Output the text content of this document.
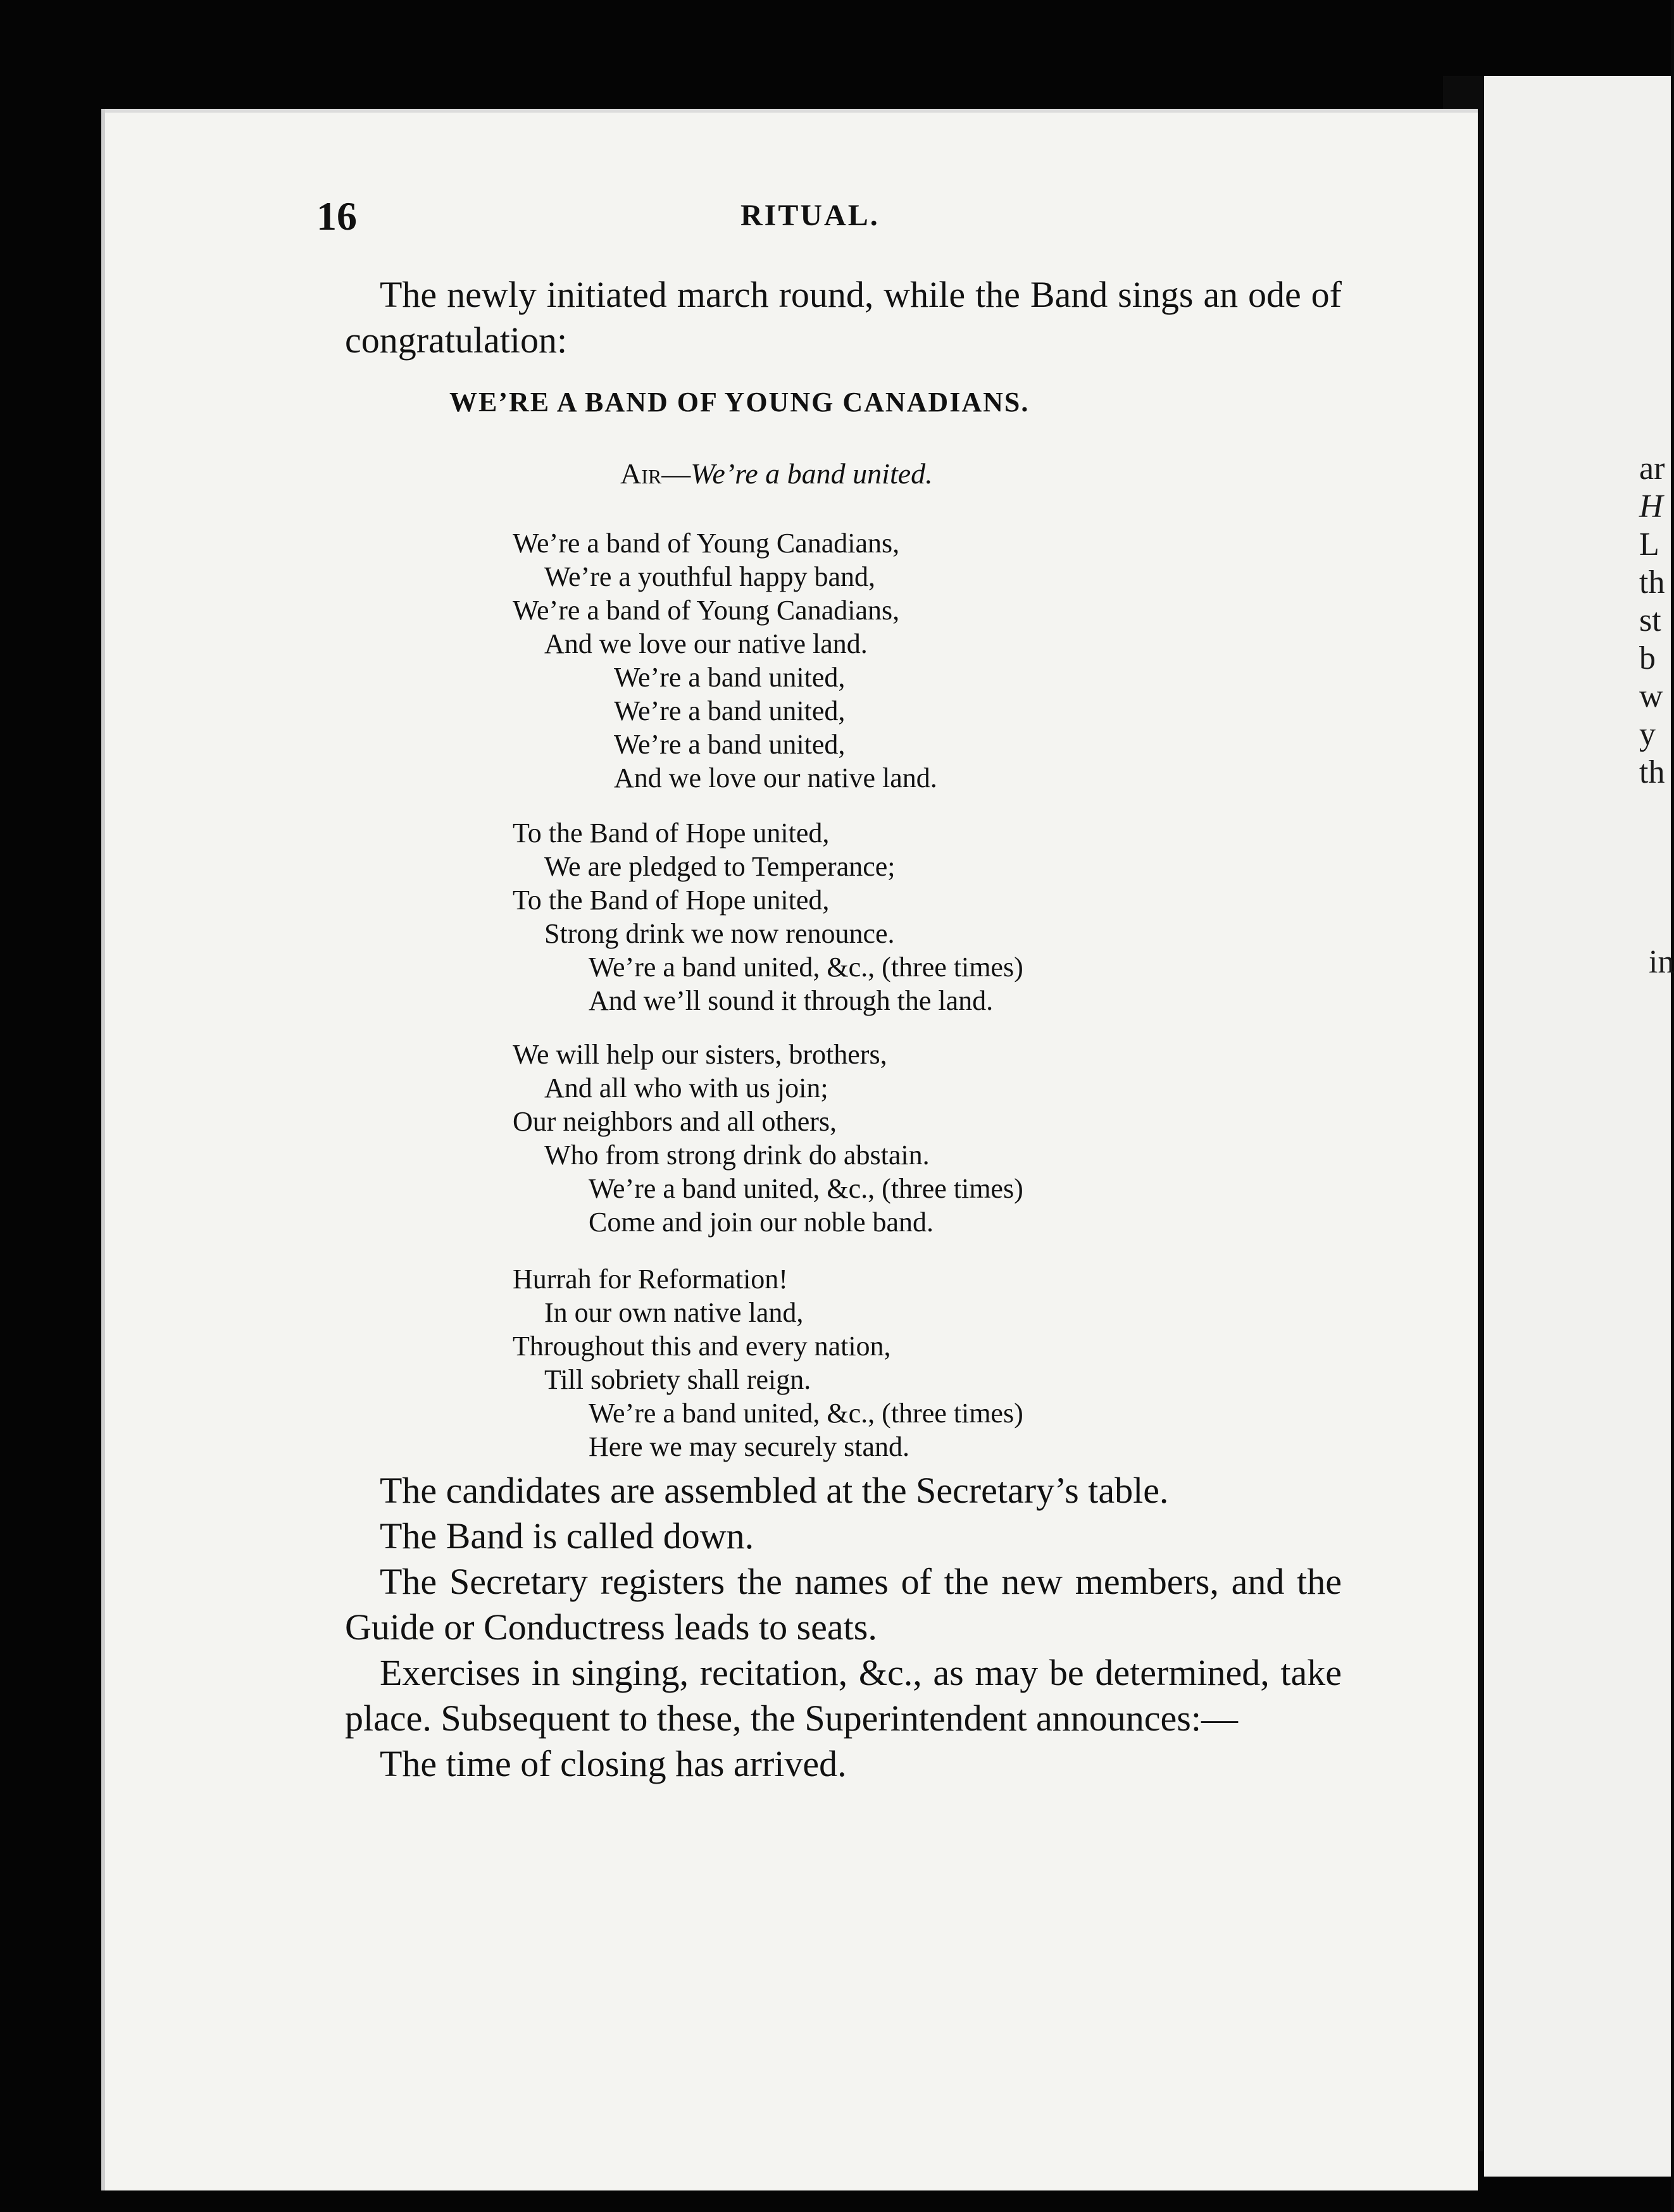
ar
H
L
th
st
b
w
y
th
in
16	RITUAL.

The newly initiated march round, while the Band sings an ode of congratulation:

WE’RE A BAND OF YOUNG CANADIANS.
Air—We’re a band united.
We’re a band of Young Canadians,
We’re a youthful happy band,
We’re a band of Young Canadians,
And we love our native land.
We’re a band united,
We’re a band united,
We’re a band united,
And we love our native land.
To the Band of Hope united,
We are pledged to Temperance;
To the Band of Hope united,
Strong drink we now renounce.
We’re a band united, &c., (three times)
And we’ll sound it through the land.
We will help our sisters, brothers,
And all who with us join;
Our neighbors and all others,
Who from strong drink do abstain.
We’re a band united, &c., (three times)
Come and join our noble band.
Hurrah for Reformation!
In our own native land,
Throughout this and every nation,
Till sobriety shall reign.
We’re a band united, &c., (three times)
Here we may securely stand.

The candidates are assembled at the Secretary’s table.

The Band is called down.

The Secretary registers the names of the new members, and the Guide or Conductress leads to seats.

Exercises in singing, recitation, &c., as may be determined, take place. Subsequent to these, the Superintendent announces:—

The time of closing has arrived.
